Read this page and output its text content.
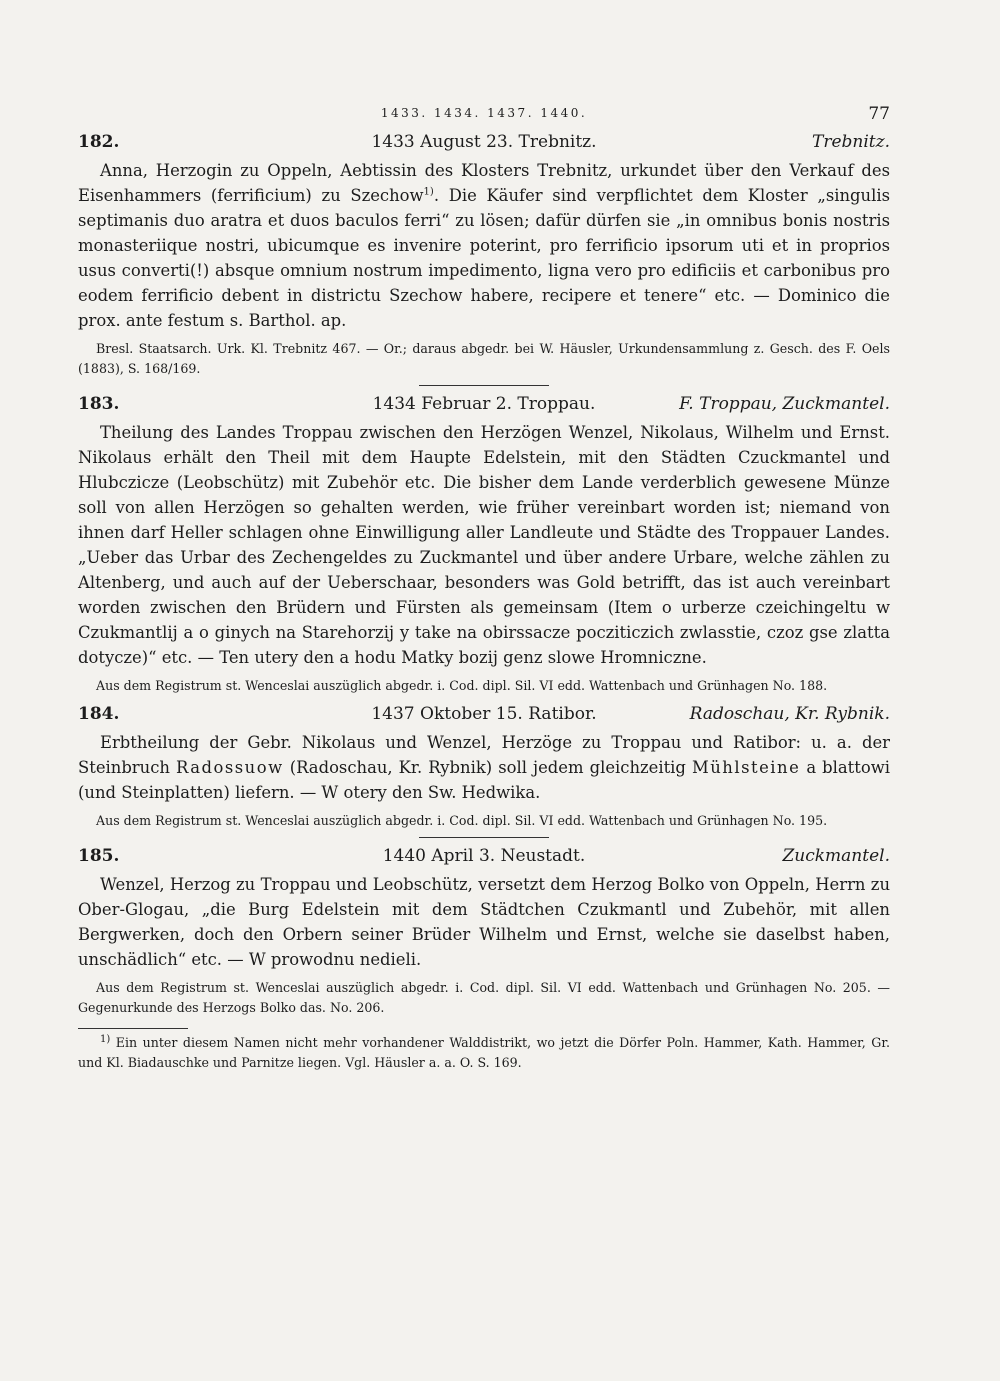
1433. 1434. 1437. 1440.	77
182.	1433 August 23. Trebnitz.	Trebnitz.

Anna, Herzogin zu Oppeln, Aebtissin des Klosters Trebnitz, urkundet über den Verkauf des Eisenhammers (ferrificium) zu Szechow$^{1)}$. Die Käufer sind verpflichtet dem Kloster „singulis septimanis duo aratra et duos baculos ferri“ zu lösen; dafür dürfen sie „in omnibus bonis nostris monasteriique nostri, ubicumque es invenire poterint, pro ferrificio ipsorum uti et in proprios usus converti(!) absque omnium nostrum impedimento, ligna vero pro edificiis et carbonibus pro eodem ferrificio debent in districtu Szechow habere, recipere et tenere“ etc. — Dominico die prox. ante festum s. Barthol. ap.

Bresl. Staatsarch. Urk. Kl. Trebnitz 467. — Or.; daraus abgedr. bei W. Häusler, Urkundensammlung z. Gesch. des F. Oels (1883), S. 168/169.

183.	1434 Februar 2. Troppau.	F. Troppau, Zuckmantel.

Theilung des Landes Troppau zwischen den Herzögen Wenzel, Nikolaus, Wilhelm und Ernst. Nikolaus erhält den Theil mit dem Haupte Edelstein, mit den Städten Czuckmantel und Hlubczicze (Leobschütz) mit Zubehör etc. Die bisher dem Lande verderblich gewesene Münze soll von allen Herzögen so gehalten werden, wie früher vereinbart worden ist; niemand von ihnen darf Heller schlagen ohne Einwilligung aller Landleute und Städte des Troppauer Landes. „Ueber das Urbar des Zechengeldes zu Zuckmantel und über andere Urbare, welche zählen zu Altenberg, und auch auf der Ueberschaar, besonders was Gold betrifft, das ist auch vereinbart worden zwischen den Brüdern und Fürsten als gemeinsam (Item o urberze czeichingeltu w Czukmantlij a o ginych na Starehorzij y take na obirssacze pocziticzich zwlasstie, czoz gse zlatta dotycze)“ etc. — Ten utery den a hodu Matky bozij genz slowe Hromniczne.

Aus dem Registrum st. Wenceslai auszüglich abgedr. i. Cod. dipl. Sil. VI edd. Wattenbach und Grünhagen No. 188.

184.	1437 Oktober 15. Ratibor.	Radoschau, Kr. Rybnik.

Erbtheilung der Gebr. Nikolaus und Wenzel, Herzöge zu Troppau und Ratibor: u. a. der Steinbruch Radossuow (Radoschau, Kr. Rybnik) soll jedem gleichzeitig Mühlsteine a blattowi (und Steinplatten) liefern. — W otery den Sw. Hedwika.

Aus dem Registrum st. Wenceslai auszüglich abgedr. i. Cod. dipl. Sil. VI edd. Wattenbach und Grünhagen No. 195.

185.	1440 April 3. Neustadt.	Zuckmantel.

Wenzel, Herzog zu Troppau und Leobschütz, versetzt dem Herzog Bolko von Oppeln, Herrn zu Ober-Glogau, „die Burg Edelstein mit dem Städtchen Czukmantl und Zubehör, mit allen Bergwerken, doch den Orbern seiner Brüder Wilhelm und Ernst, welche sie daselbst haben, unschädlich“ etc. — W prowodnu nedieli.

Aus dem Registrum st. Wenceslai auszüglich abgedr. i. Cod. dipl. Sil. VI edd. Wattenbach und Grünhagen No. 205. — Gegenurkunde des Herzogs Bolko das. No. 206.

$^{1)}$ Ein unter diesem Namen nicht mehr vorhandener Walddistrikt, wo jetzt die Dörfer Poln. Hammer, Kath. Hammer, Gr. und Kl. Biadauschke und Parnitze liegen. Vgl. Häusler a. a. O. S. 169.
